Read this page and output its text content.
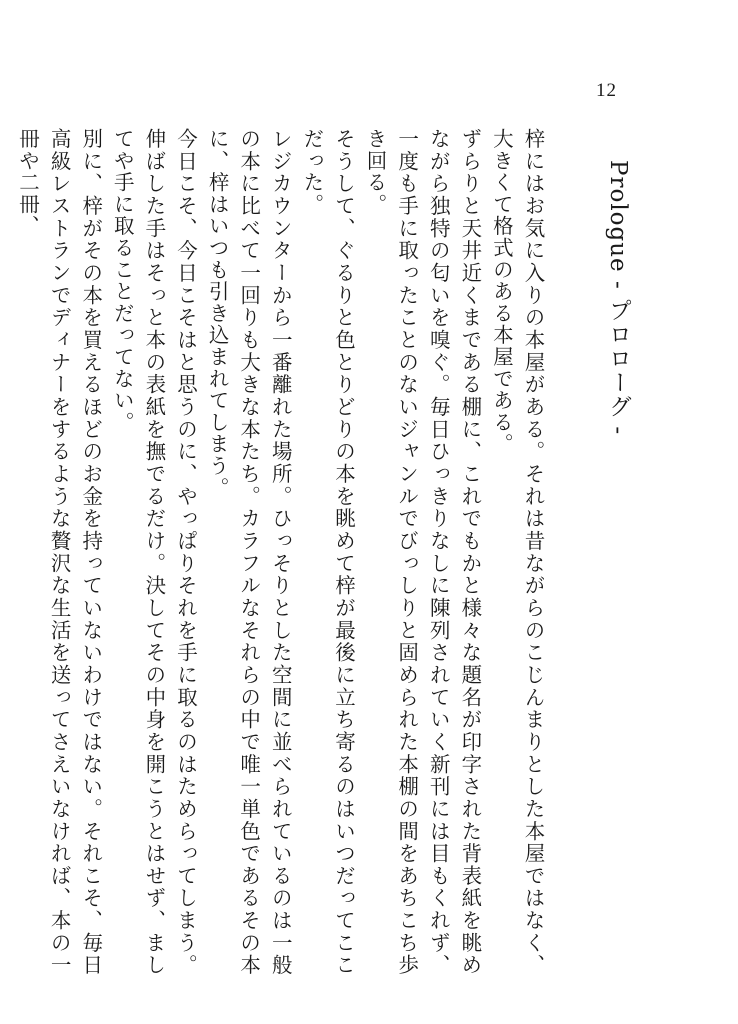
12
Prologue - プロローグ -

梓にはお気に入りの本屋がある。それは昔ながらのこじんまりとした本屋ではなく、大きくて格式のある本屋である。

ずらりと天井近くまである棚に、これでもかと様々な題名が印字された背表紙を眺めながら独特の匂いを嗅ぐ。毎日ひっきりなしに陳列されていく新刊には目もくれず、一度も手に取ったことのないジャンルでびっしりと固められた本棚の間をあちこち歩き回る。

そうして、ぐるりと色とりどりの本を眺めて梓が最後に立ち寄るのはいつだってここだった。

レジカウンターから一番離れた場所。ひっそりとした空間に並べられているのは一般の本に比べて一回りも大きな本たち。カラフルなそれらの中で唯一単色であるその本に、梓はいつも引き込まれてしまう。

今日こそ、今日こそはと思うのに、やっぱりそれを手に取るのはためらってしまう。伸ばした手はそっと本の表紙を撫でるだけ。決してその中身を開こうとはせず、ましてや手に取ることだってない。

別に、梓がその本を買えるほどのお金を持っていないわけではない。それこそ、毎日高級レストランでディナーをするような贅沢な生活を送ってさえいなければ、本の一冊や二冊、
